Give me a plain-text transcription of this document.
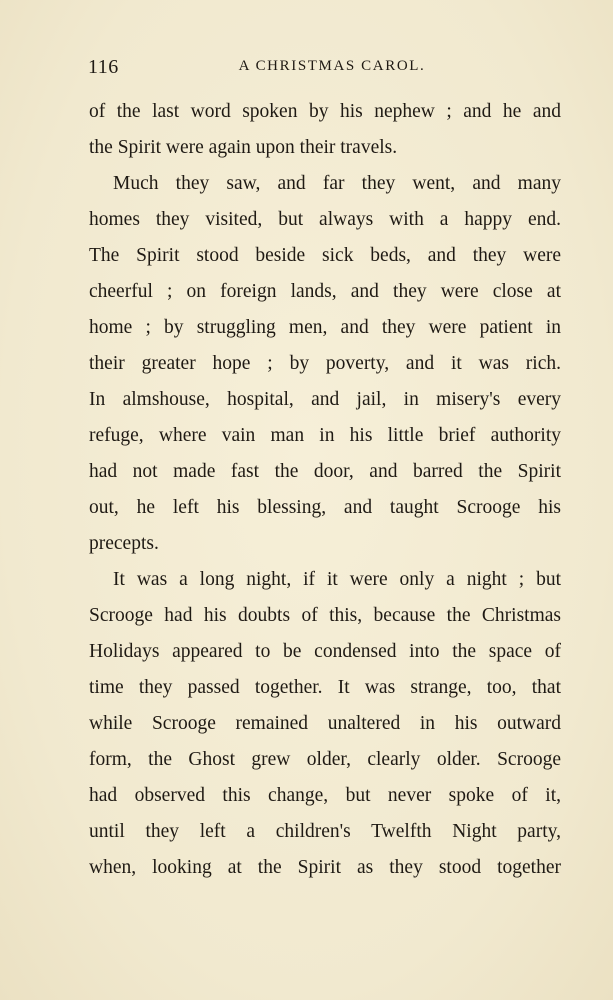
116	A CHRISTMAS CAROL.
of the last word spoken by his nephew ; and he and
the Spirit were again upon their travels.
Much they saw, and far they went, and many
homes they visited, but always with a happy end.
The Spirit stood beside sick beds, and they were
cheerful ; on foreign lands, and they were close at
home ; by struggling men, and they were patient in
their greater hope ; by poverty, and it was rich.
In almshouse, hospital, and jail, in misery's every
refuge, where vain man in his little brief authority
had not made fast the door, and barred the Spirit
out, he left his blessing, and taught Scrooge his
precepts.
It was a long night, if it were only a night ; but
Scrooge had his doubts of this, because the Christmas
Holidays appeared to be condensed into the space of
time they passed together. It was strange, too, that
while Scrooge remained unaltered in his outward
form, the Ghost grew older, clearly older. Scrooge
had observed this change, but never spoke of it,
until they left a children's Twelfth Night party,
when, looking at the Spirit as they stood together
